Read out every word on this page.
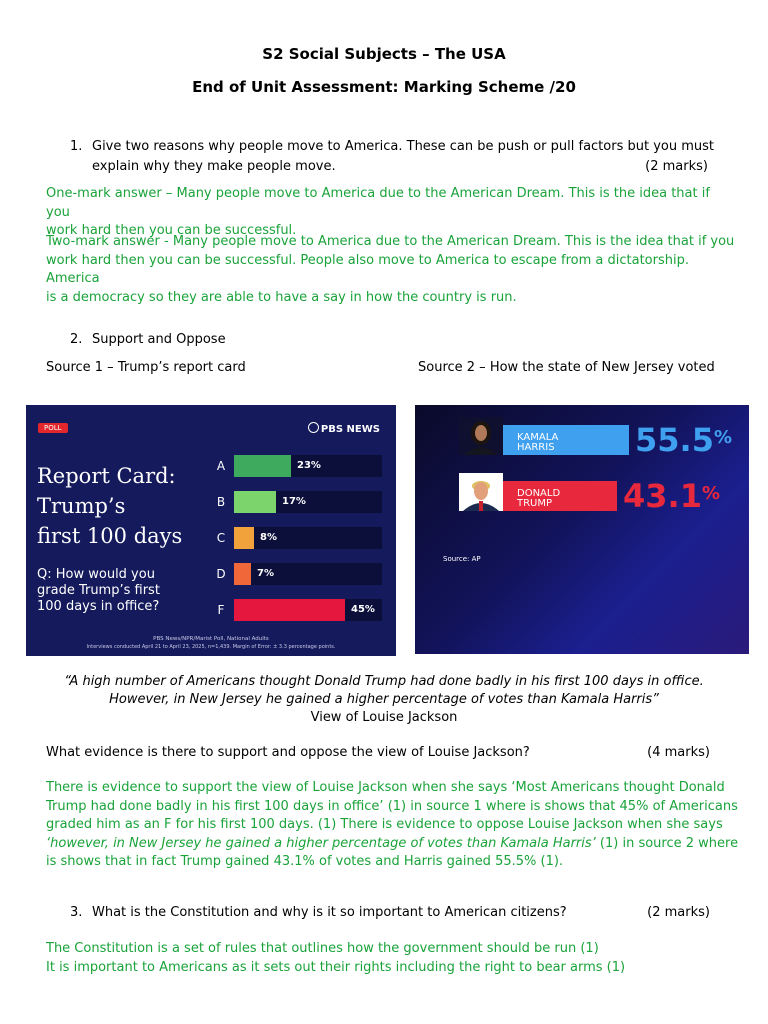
S2 Social Subjects – The USA
End of Unit Assessment: Marking Scheme /20
1. Give two reasons why people move to America. These can be push or pull factors but you must
explain why they make people move.	(2 marks)
One-mark answer – Many people move to America due to the American Dream. This is the idea that if you
work hard then you can be successful.
Two-mark answer - Many people move to America due to the American Dream. This is the idea that if you
work hard then you can be successful. People also move to America to escape from a dictatorship. America
is a democracy so they are able to have a say in how the country is run.
2. Support and Oppose
Source 1 – Trump’s report card	Source 2 – How the state of New Jersey voted
POLL	PBS NEWS
Report Card:
Trump’s
first 100 days
Q: How would you
grade Trump’s first
100 days in office?
A	23%
B	17%
C	8%
D	7%
F	45%
PBS News/NPR/Marist Poll, National Adults
Interviews conducted April 21 to April 23, 2025, n=1,439. Margin of Error: ± 3.3 percentage points.
KAMALA
HARRIS	55.5%
DONALD
TRUMP 43.1%
Source: AP
“A high number of Americans thought Donald Trump had done badly in his first 100 days in office.
However, in New Jersey he gained a higher percentage of votes than Kamala Harris”
View of Louise Jackson
What evidence is there to support and oppose the view of Louise Jackson?	(4 marks)
There is evidence to support the view of Louise Jackson when she says ‘Most Americans thought Donald
Trump had done badly in his first 100 days in office’ (1) in source 1 where is shows that 45% of Americans
graded him as an F for his first 100 days. (1) There is evidence to oppose Louise Jackson when she says
‘however, in New Jersey he gained a higher percentage of votes than Kamala Harris’ (1) in source 2 where
is shows that in fact Trump gained 43.1% of votes and Harris gained 55.5% (1).
3. What is the Constitution and why is it so important to American citizens?	(2 marks)
The Constitution is a set of rules that outlines how the government should be run (1)
It is important to Americans as it sets out their rights including the right to bear arms (1)
